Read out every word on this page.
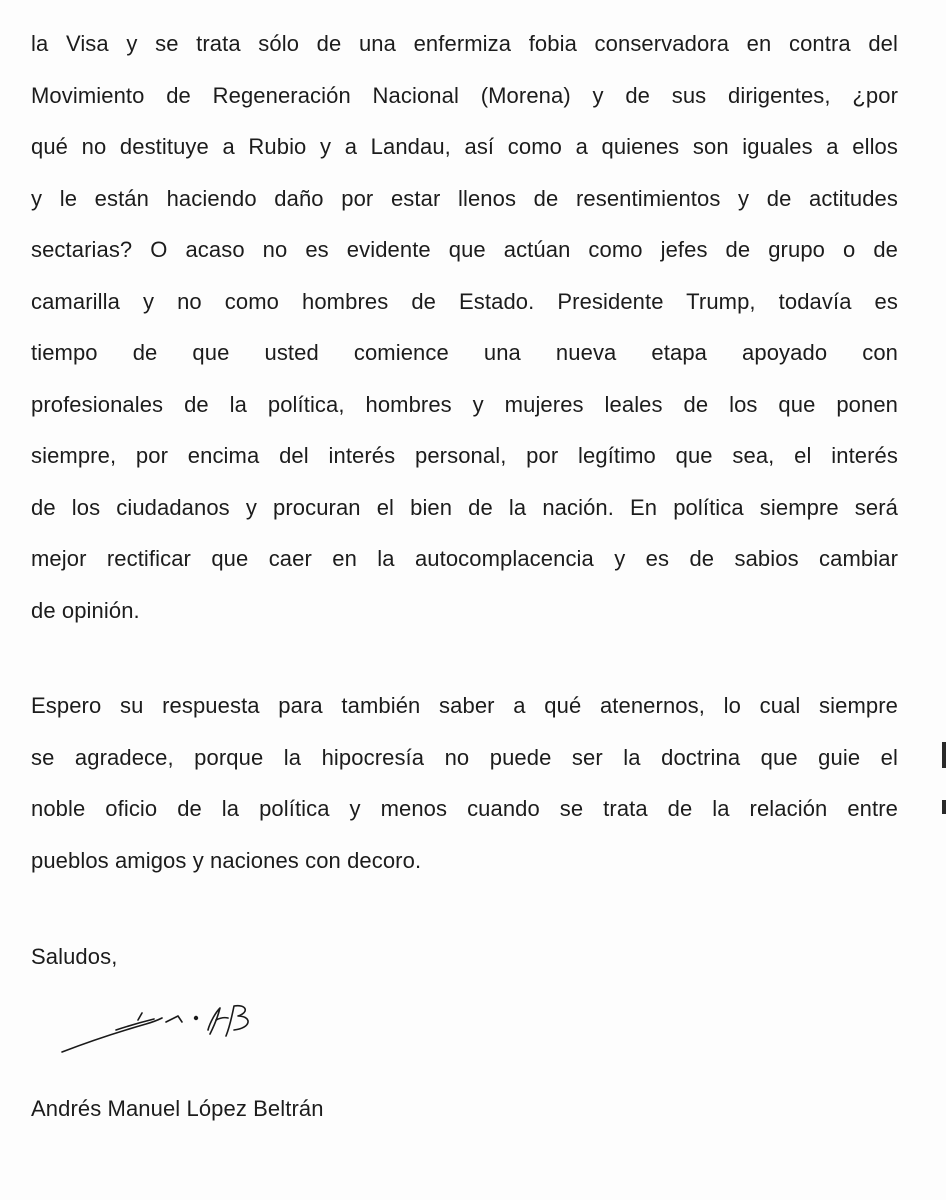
la Visa y se trata sólo de una enfermiza fobia conservadora en contra del
Movimiento de Regeneración Nacional (Morena) y de sus dirigentes, ¿por
qué no destituye a Rubio y a Landau, así como a quienes son iguales a ellos
y le están haciendo daño por estar llenos de resentimientos y de actitudes
sectarias? O acaso no es evidente que actúan como jefes de grupo o de
camarilla y no como hombres de Estado. Presidente Trump, todavía es
tiempo de que usted comience una nueva etapa apoyado con
profesionales de la política, hombres y mujeres leales de los que ponen
siempre, por encima del interés personal, por legítimo que sea, el interés
de los ciudadanos y procuran el bien de la nación. En política siempre será
mejor rectificar que caer en la autocomplacencia y es de sabios cambiar
de opinión.
Espero su respuesta para también saber a qué atenernos, lo cual siempre
se agradece, porque la hipocresía no puede ser la doctrina que guie el
noble oficio de la política y menos cuando se trata de la relación entre
pueblos amigos y naciones con decoro.
Saludos,
Andrés Manuel López Beltrán
